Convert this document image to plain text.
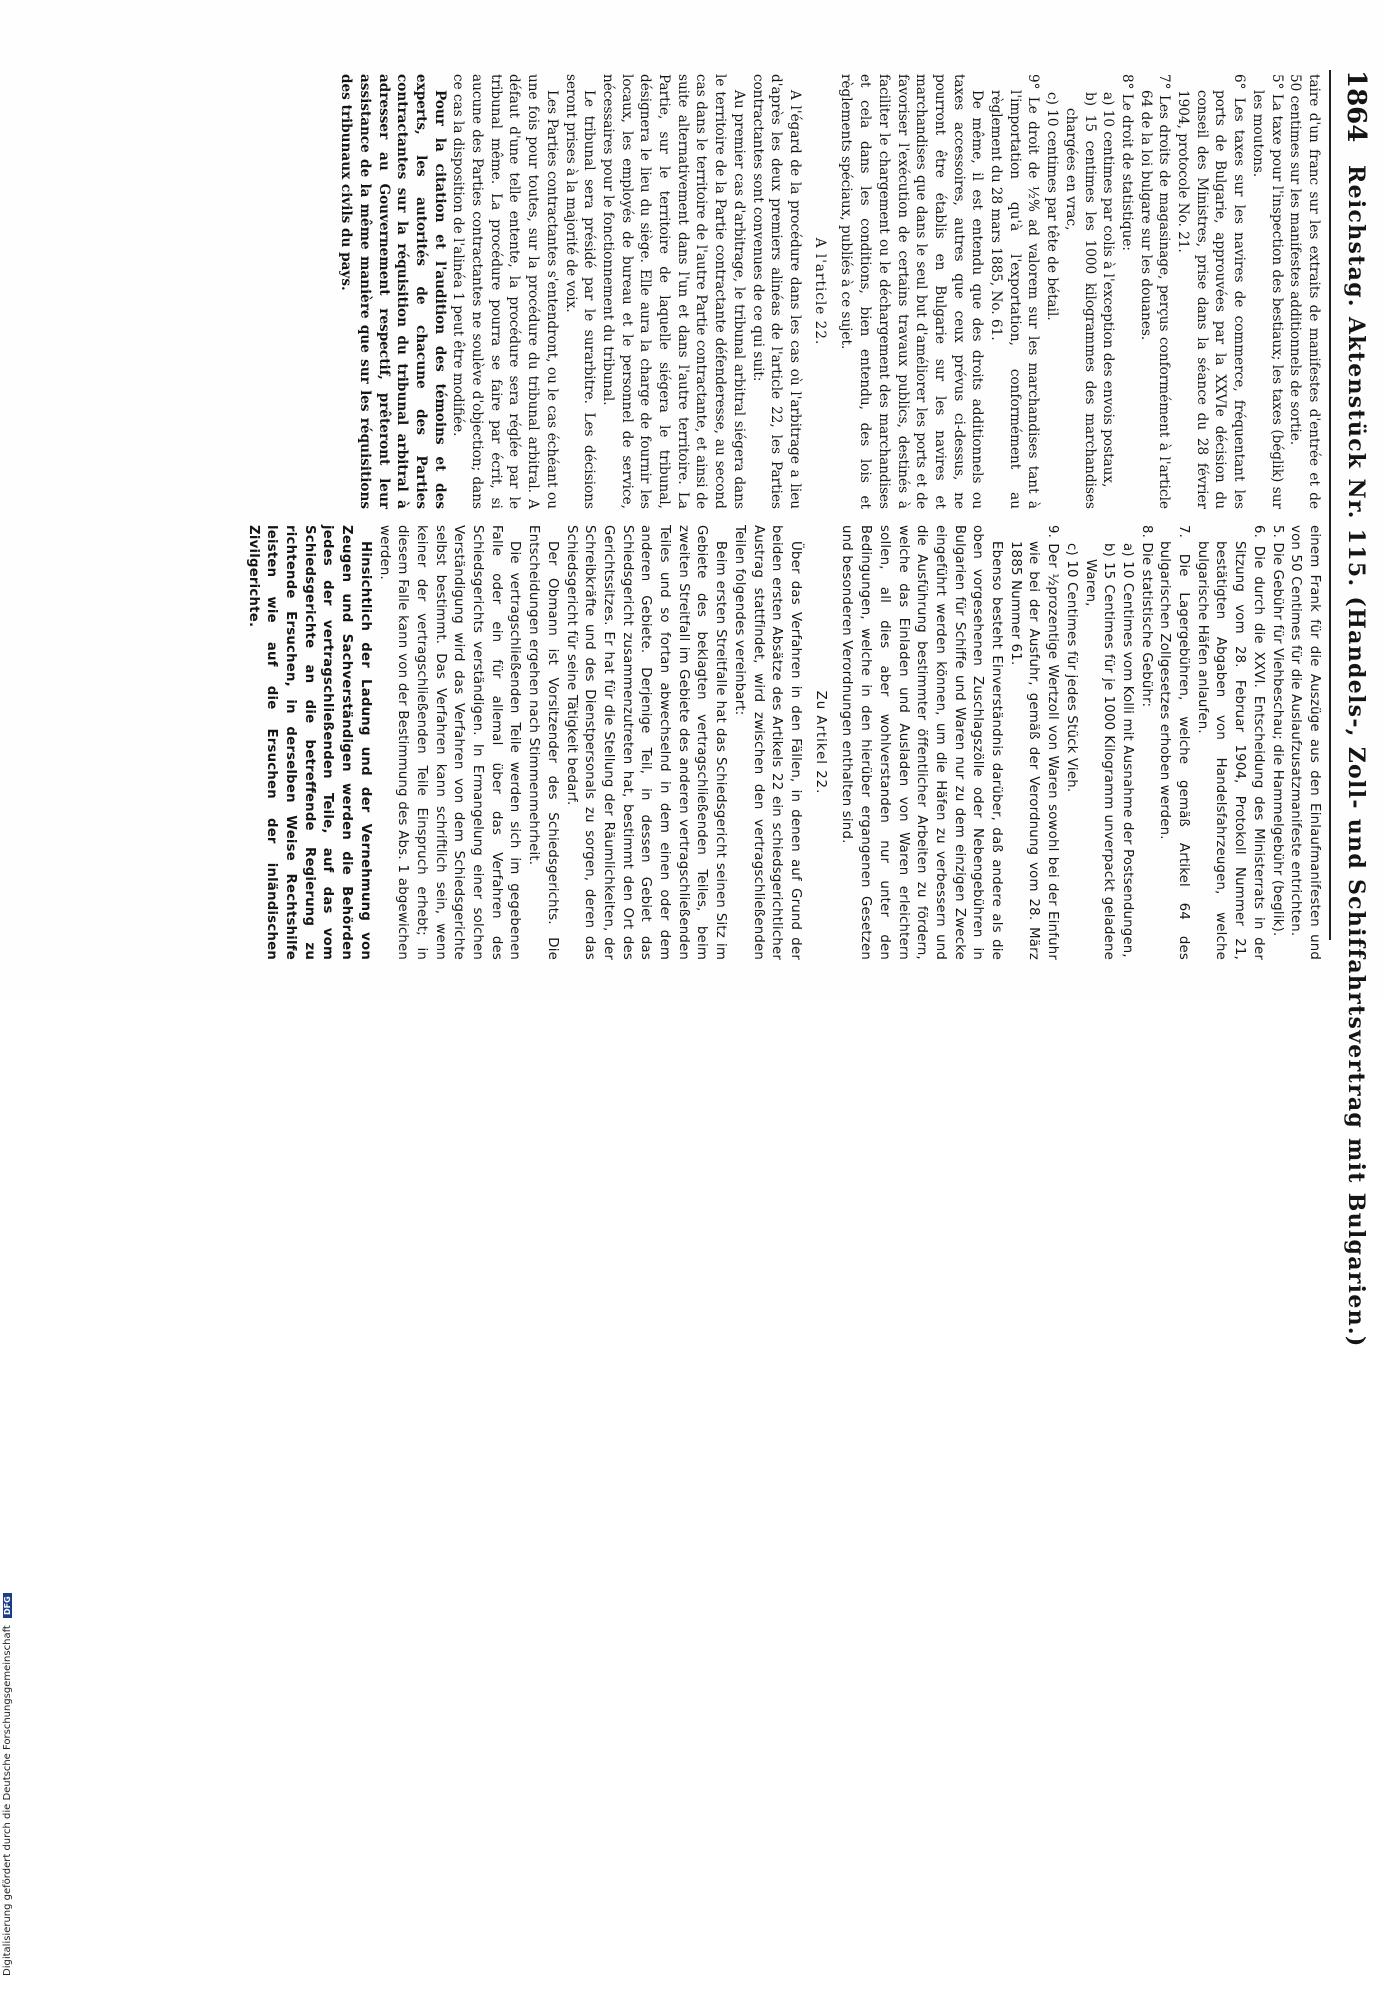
1864
Reichstag. Aktenstück Nr. 115. (Handels-, Zoll- und Schiffahrtsvertrag mit Bulgarien.)

taire d'un franc sur les extraits de manifestes d'entrée et de 50 centimes sur les manifestes additionnels de sortie.

5° La taxe pour l'inspection des bestiaux; les taxes (béglik) sur les moutons.

6° Les taxes sur les navires de commerce, fréquentant les ports de Bulgarie, approuvées par la XXVIe décision du conseil des Ministres, prise dans la séance du 28 février 1904, protocole No. 21.

7° Les droits de magasinage, perçus conformément à l'article 64 de la loi bulgare sur les douanes.

8° Le droit de statistique:

a) 10 centimes par colis à l'exception des envois postaux,

b) 15 centimes les 1000 kilogrammes des marchandises chargées en vrac,

c) 10 centimes par tête de bétail.

9° Le droit de ½% ad valorem sur les marchandises tant à l'importation qu'à l'exportation, conformément au règlement du 28 mars 1885, No. 61.

De même, il est entendu que des droits additionnels ou taxes accessoires, autres que ceux prévus ci-dessus, ne pourront être établis en Bulgarie sur les navires et marchandises que dans le seul but d'améliorer les ports et de favoriser l'exécution de certains travaux publics, destinés à faciliter le chargement ou le déchargement des marchandises et cela dans les conditions, bien entendu, des lois et règlements spéciaux, publiés à ce sujet.

A l'article 22.

A l'égard de la procédure dans les cas où l'arbitrage a lieu d'après les deux premiers alinéas de l'article 22, les Parties contractantes sont convenues de ce qui suit:

Au premier cas d'arbitrage, le tribunal arbitral siégera dans le territoire de la Partie contractante défenderesse, au second cas dans le territoire de l'autre Partie contractante, et ainsi de suite alternativement dans l'un et dans l'autre territoire. La Partie, sur le territoire de laquelle siégera le tribunal, désignera le lieu du siège. Elle aura la charge de fournir les locaux, les employés de bureau et le personnel de service, nécessaires pour le fonctionnement du tribunal.

Le tribunal sera présidé par le surarbitre. Les décisions seront prises à la majorité de voix.

Les Parties contractantes s'entendront, ou le cas échéant ou une fois pour toutes, sur la procédure du tribunal arbitral. A défaut d'une telle entente, la procédure sera réglée par le tribunal même. La procédure pourra se faire par écrit, si aucune des Parties contractantes ne soulève d'objection; dans ce cas la disposition de l'alinéa 1 peut être modifiée.

Pour la citation et l'audition des témoins et des experts, les autorités de chacune des Parties contractantes sur la réquisition du tribunal arbitral à adresser au Gouvernement respectif, prêteront leur assistance de la même manière que sur les réquisitions des tribunaux civils du pays.

einem Frank für die Auszüge aus den Einlaufmanifesten und von 50 Centimes für die Auslaufzusatzmanifeste entrichten.

5. Die Gebühr für Viehbeschau; die Hammelgebühr (beglik).

6. Die durch die XXVI. Entscheidung des Ministerrats in der Sitzung vom 28. Februar 1904, Protokoll Nummer 21, bestätigten Abgaben von Handelsfahrzeugen, welche bulgarische Häfen anlaufen.

7. Die Lagergebühren, welche gemäß Artikel 64 des bulgarischen Zollgesetzes erhoben werden.

8. Die statistische Gebühr:

a) 10 Centimes vom Kolli mit Ausnahme der Postsendungen,

b) 15 Centimes für je 1000 Kilogramm unverpackt geladene Waren,

c) 10 Centimes für jedes Stück Vieh.

9. Der ½prozentige Wertzoll von Waren sowohl bei der Einfuhr wie bei der Ausfuhr, gemäß der Verordnung vom 28. März 1885 Nummer 61.

Ebenso besteht Einverständnis darüber, daß andere als die oben vorgesehenen Zuschlagszölle oder Nebengebühren in Bulgarien für Schiffe und Waren nur zu dem einzigen Zwecke eingeführt werden können, um die Häfen zu verbessern und die Ausführung bestimmter öffentlicher Arbeiten zu fördern, welche das Einladen und Ausladen von Waren erleichtern sollen, all dies aber wohlverstanden nur unter den Bedingungen, welche in den hierüber ergangenen Gesetzen und besonderen Verordnungen enthalten sind.

Zu Artikel 22.

Über das Verfahren in den Fällen, in denen auf Grund der beiden ersten Absätze des Artikels 22 ein schiedsgerichtlicher Austrag stattfindet, wird zwischen den vertragschließenden Teilen folgendes vereinbart:

Beim ersten Streitfalle hat das Schiedsgericht seinen Sitz im Gebiete des beklagten vertragschließenden Teiles, beim zweiten Streitfall im Gebiete des anderen vertragschließenden Teiles und so fortan abwechselnd in dem einen oder dem anderen Gebiete. Derjenige Teil, in dessen Gebiet das Schiedsgericht zusammenzutreten hat, bestimmt den Ort des Gerichtssitzes. Er hat für die Stellung der Räumlichkeiten, der Schreibkräfte und des Dienstpersonals zu sorgen, deren das Schiedsgericht für seine Tätigkeit bedarf.

Der Obmann ist Vorsitzender des Schiedsgerichts. Die Entscheidungen ergehen nach Stimmenmehrheit.

Die vertragschließenden Teile werden sich im gegebenen Falle oder ein für allemal über das Verfahren des Schiedsgerichts verständigen. In Ermangelung einer solchen Verständigung wird das Verfahren von dem Schiedsgerichte selbst bestimmt. Das Verfahren kann schriftlich sein, wenn keiner der vertragschließenden Teile Einspruch erhebt; in diesem Falle kann von der Bestimmung des Abs. 1 abgewichen werden.

Hinsichtlich der Ladung und der Vernehmung von Zeugen und Sachverständigen werden die Behörden jedes der vertragschließenden Teile, auf das vom Schiedsgerichte an die betreffende Regierung zu richtende Ersuchen, in derselben Weise Rechtshilfe leisten wie auf die Ersuchen der inländischen Zivilgerichte.

Digitalisierung gefördert durch die Deutsche Forschungsgemeinschaft DFG
